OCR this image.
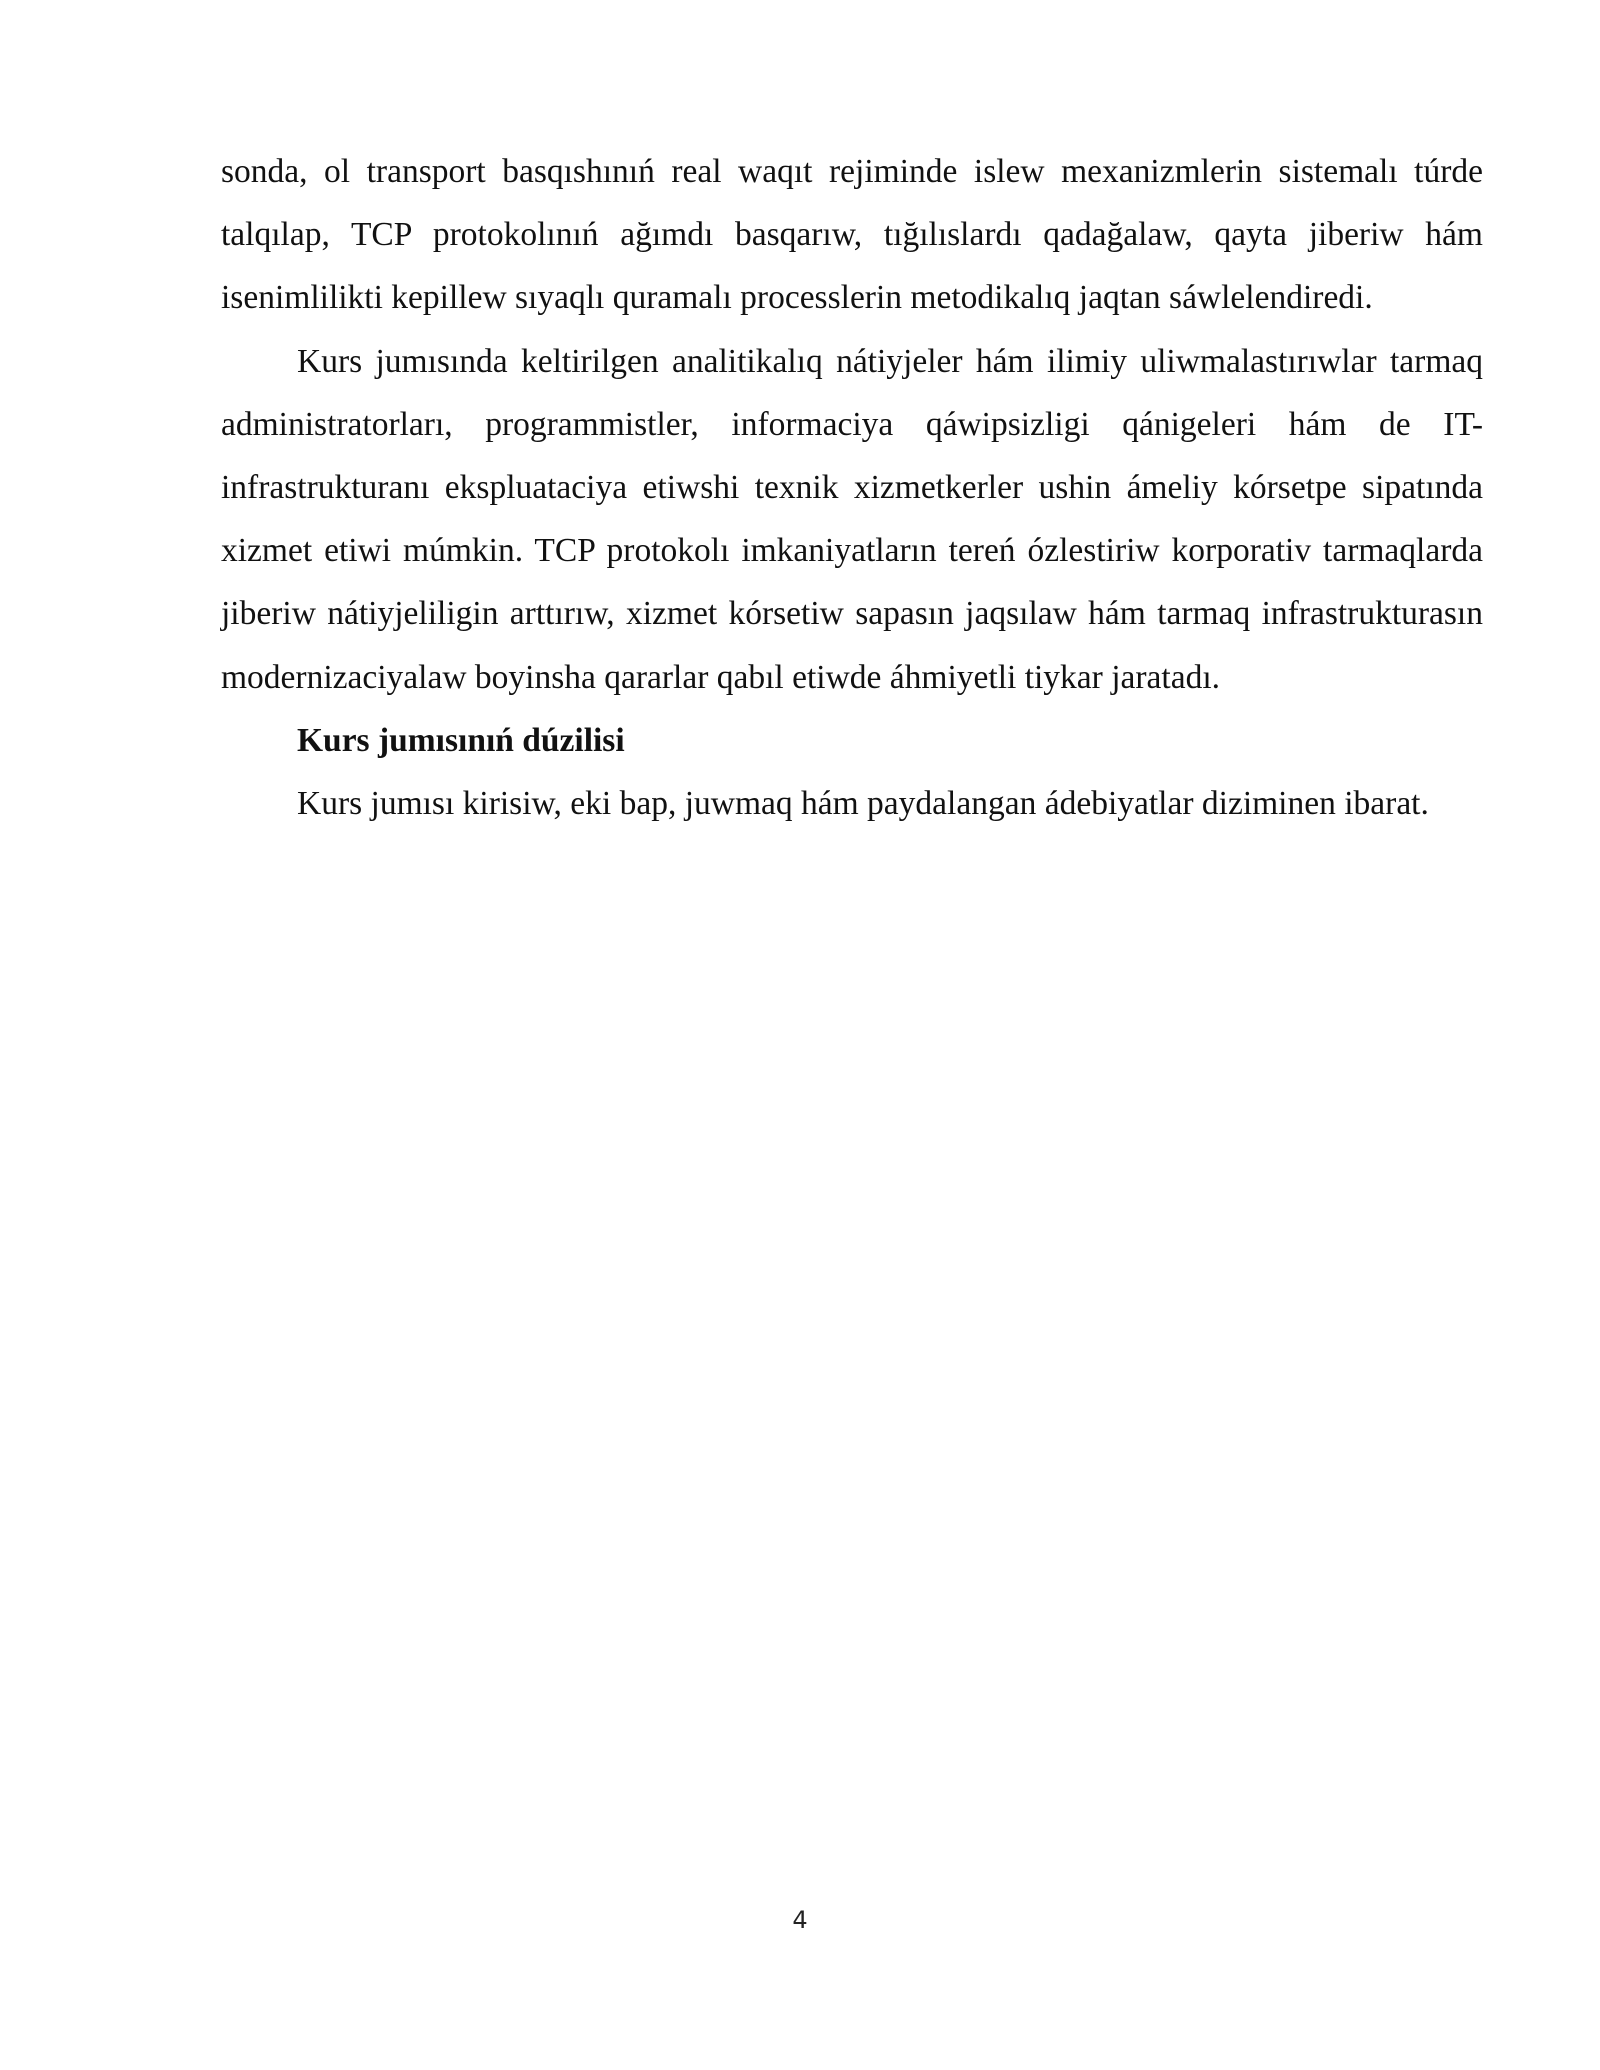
sonda, ol transport basqıshınıń real waqıt rejiminde islew mexanizmlerin sistemalı túrde talqılap, TCP protokolınıń ağımdı basqarıw, tığılıslardı qadağalaw, qayta jiberiw hám isenimlilikti kepillew sıyaqlı quramalı processlerin metodikalıq jaqtan sáwlelendiredi.

Kurs jumısında keltirilgen analitikalıq nátiyjeler hám ilimiy uliwmalastırıwlar tarmaq administratorları, programmistler, informaciya qáwipsizligi qánigeleri hám de IT-infrastrukturanı ekspluataciya etiwshi texnik xizmetkerler ushin ámeliy kórsetpe sipatında xizmet etiwi múmkin. TCP protokolı imkaniyatların tereń ózlestiriw korporativ tarmaqlarda jiberiw nátiyjeliligin arttırıw, xizmet kórsetiw sapasın jaqsılaw hám tarmaq infrastrukturasın modernizaciyalaw boyinsha qararlar qabıl etiwde áhmiyetli tiykar jaratadı.

Kurs jumısınıń dúzilisi

Kurs jumısı kirisiw, eki bap, juwmaq hám paydalangan ádebiyatlar diziminen ibarat.

4
